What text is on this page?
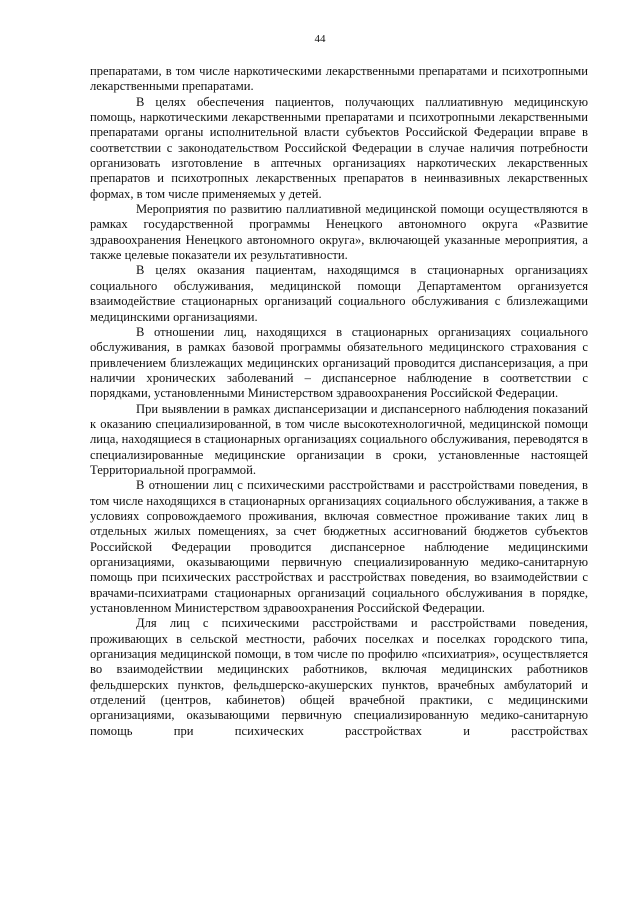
44

препаратами, в том числе наркотическими лекарственными препаратами и психотропными лекарственными препаратами.

В целях обеспечения пациентов, получающих паллиативную медицинскую помощь, наркотическими лекарственными препаратами и психотропными лекарственными препаратами органы исполнительной власти субъектов Российской Федерации вправе в соответствии с законодательством Российской Федерации в случае наличия потребности организовать изготовление в аптечных организациях наркотических лекарственных препаратов и психотропных лекарственных препаратов в неинвазивных лекарственных формах, в том числе применяемых у детей.

Мероприятия по развитию паллиативной медицинской помощи осуществляются в рамках государственной программы Ненецкого автономного округа «Развитие здравоохранения Ненецкого автономного округа», включающей указанные мероприятия, а также целевые показатели их результативности.

В целях оказания пациентам, находящимся в стационарных организациях социального обслуживания, медицинской помощи Департаментом организуется взаимодействие стационарных организаций социального обслуживания с близлежащими медицинскими организациями.

В отношении лиц, находящихся в стационарных организациях социального обслуживания, в рамках базовой программы обязательного медицинского страхования с привлечением близлежащих медицинских организаций проводится диспансеризация, а при наличии хронических заболеваний – диспансерное наблюдение в соответствии с порядками, установленными Министерством здравоохранения Российской Федерации.

При выявлении в рамках диспансеризации и диспансерного наблюдения показаний к оказанию специализированной, в том числе высокотехнологичной, медицинской помощи лица, находящиеся в стационарных организациях социального обслуживания, переводятся в специализированные медицинские организации в сроки, установленные настоящей Территориальной программой.

В отношении лиц с психическими расстройствами и расстройствами поведения, в том числе находящихся в стационарных организациях социального обслуживания, а также в условиях сопровождаемого проживания, включая совместное проживание таких лиц в отдельных жилых помещениях, за счет бюджетных ассигнований бюджетов субъектов Российской Федерации проводится диспансерное наблюдение медицинскими организациями, оказывающими первичную специализированную медико-санитарную помощь при психических расстройствах и расстройствах поведения, во взаимодействии с врачами-психиатрами стационарных организаций социального обслуживания в порядке, установленном Министерством здравоохранения Российской Федерации.

Для лиц с психическими расстройствами и расстройствами поведения, проживающих в сельской местности, рабочих поселках и поселках городского типа, организация медицинской помощи, в том числе по профилю «психиатрия», осуществляется во взаимодействии медицинских работников, включая медицинских работников фельдшерских пунктов, фельдшерско-акушерских пунктов, врачебных амбулаторий и отделений (центров, кабинетов) общей врачебной практики, с медицинскими организациями, оказывающими первичную специализированную медико-санитарную помощь при психических расстройствах и расстройствах
